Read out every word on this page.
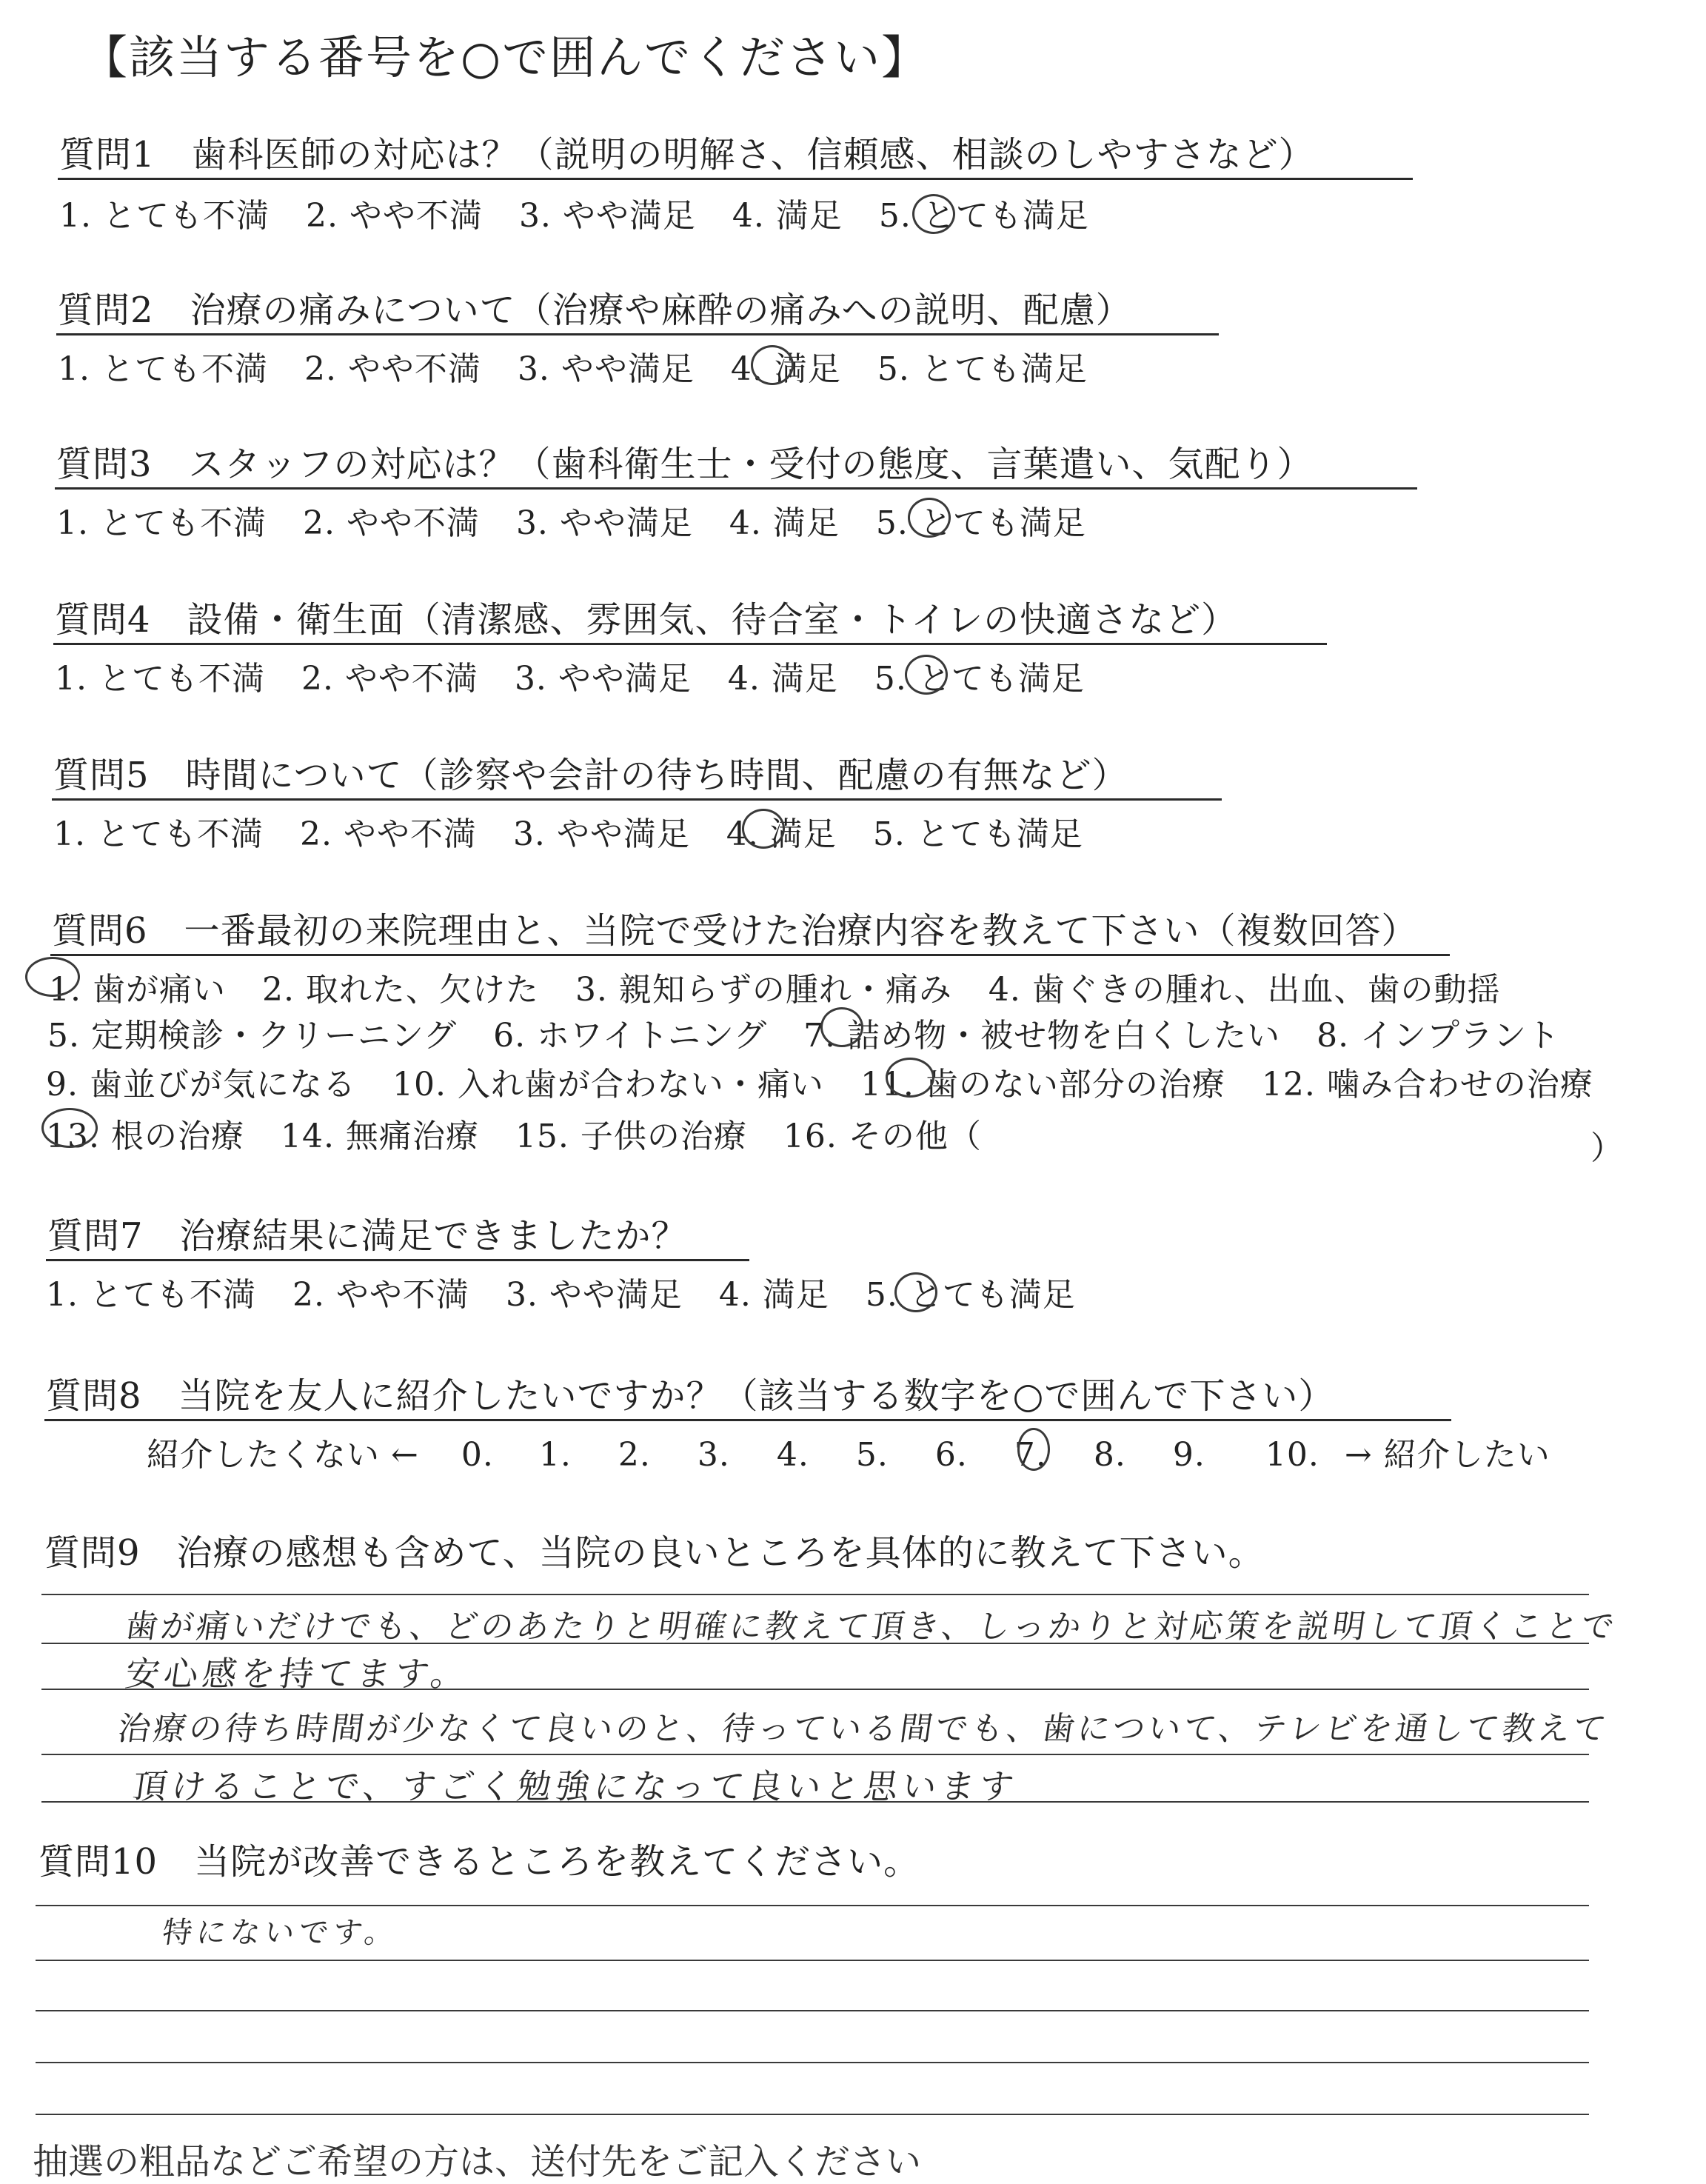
【該当する番号を○で囲んでください】
質問1　歯科医師の対応は？（説明の明解さ、信頼感、相談のしやすさなど）
1. とても不満 2. やや不満 3. やや満足 4. 満足 5. とても満足
質問2　治療の痛みについて（治療や麻酔の痛みへの説明、配慮）
1. とても不満 2. やや不満 3. やや満足 4. 満足 5. とても満足
質問3　スタッフの対応は？（歯科衛生士・受付の態度、言葉遣い、気配り）
1. とても不満 2. やや不満 3. やや満足 4. 満足 5. とても満足
質問4　設備・衛生面（清潔感、雰囲気、待合室・トイレの快適さなど）
1. とても不満 2. やや不満 3. やや満足 4. 満足 5. とても満足
質問5　時間について（診察や会計の待ち時間、配慮の有無など）
1. とても不満 2. やや不満 3. やや満足 4. 満足 5. とても満足
質問6　一番最初の来院理由と、当院で受けた治療内容を教えて下さい（複数回答）
1. 歯が痛い 2. 取れた、欠けた 3. 親知らずの腫れ・痛み 4. 歯ぐきの腫れ、出血、歯の動揺
5. 定期検診・クリーニング 6. ホワイトニング 7. 詰め物・被せ物を白くしたい 8. インプラント
9. 歯並びが気になる 10. 入れ歯が合わない・痛い 11. 歯のない部分の治療 12. 噛み合わせの治療
13. 根の治療 14. 無痛治療 15. 子供の治療 16. その他（	）
質問7　治療結果に満足できましたか？
1. とても不満 2. やや不満 3. やや満足 4. 満足 5. とても満足
質問8　当院を友人に紹介したいですか？（該当する数字を○で囲んで下さい）
紹介したくない ← 0. 1. 2. 3. 4. 5. 6. 7. 8. 9. 10. → 紹介したい
質問9　治療の感想も含めて、当院の良いところを具体的に教えて下さい。
歯が痛いだけでも、どのあたりと明確に教えて頂き、しっかりと対応策を説明して頂くことで
安心感を持てます。
治療の待ち時間が少なくて良いのと、待っている間でも、歯について、テレビを通して教えて
頂けることで、すごく勉強になって良いと思います
質問10　当院が改善できるところを教えてください。
特にないです。
抽選の粗品などご希望の方は、送付先をご記入ください
